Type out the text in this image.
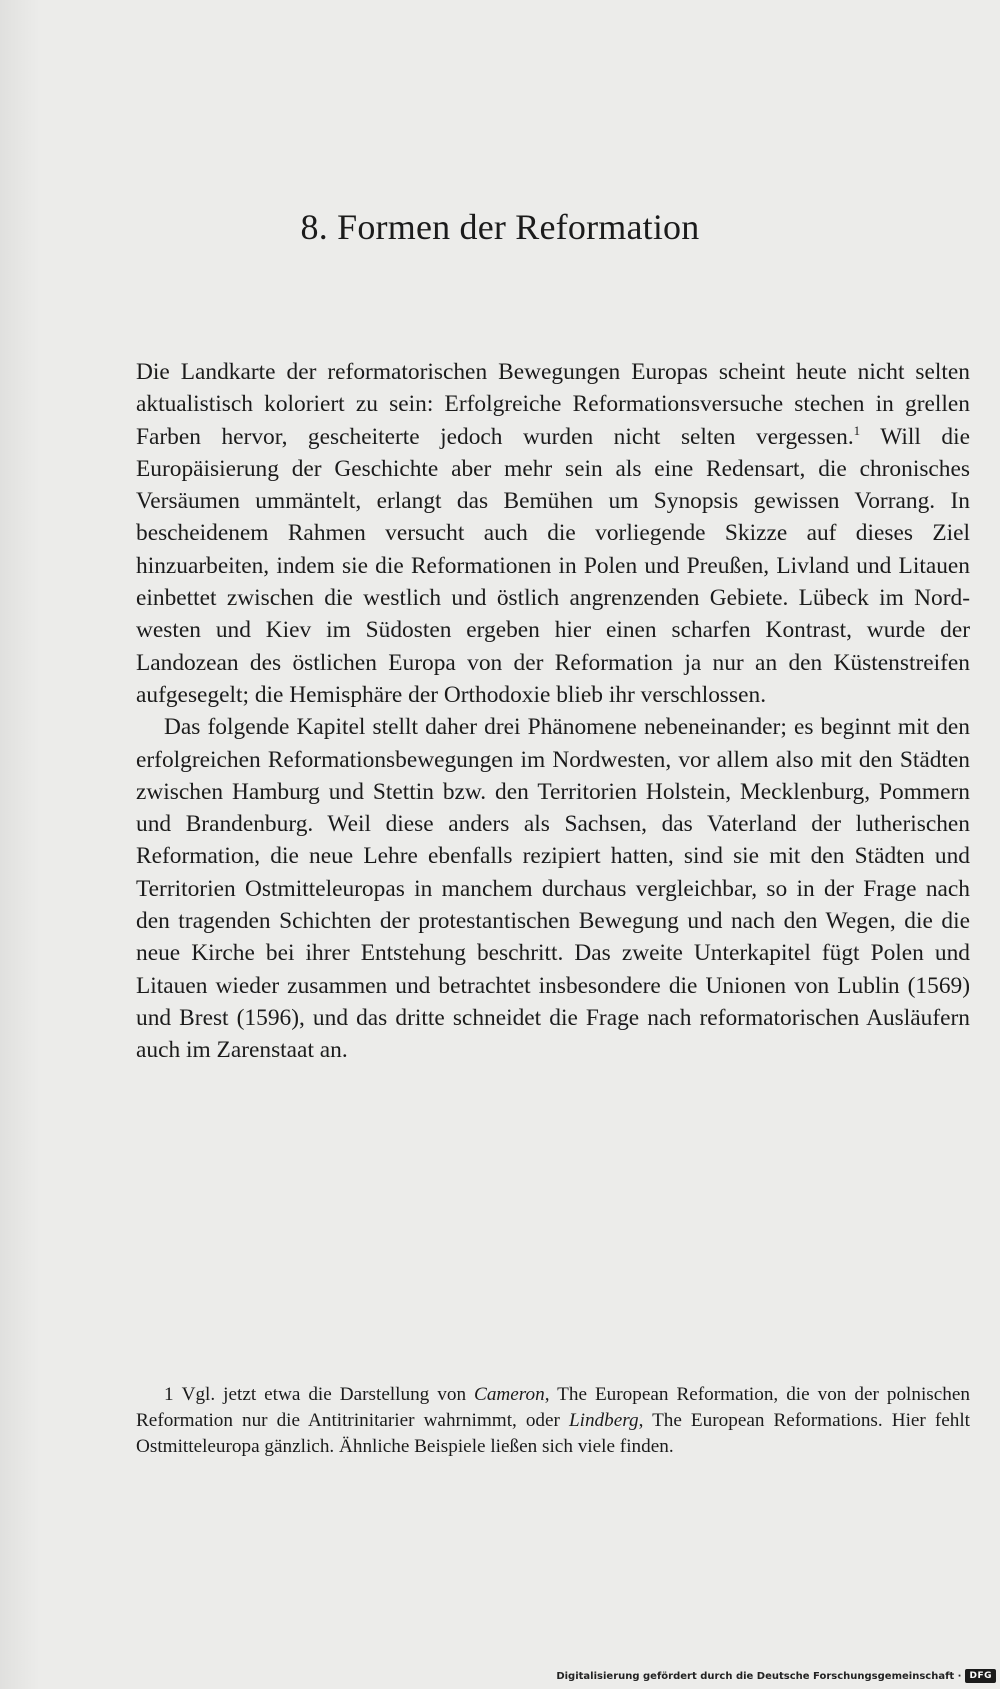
8. Formen der Reformation

Die Landkarte der reformatorischen Bewegungen Europas scheint heute nicht selten aktualistisch koloriert zu sein: Erfolgreiche Reformationsversuche stechen in grellen Farben hervor, gescheiterte jedoch wurden nicht selten vergessen.$^1$ Will die Europäisierung der Geschichte aber mehr sein als eine Redensart, die chronisches Versäumen ummäntelt, erlangt das Bemühen um Synopsis gewissen Vorrang. In bescheidenem Rahmen versucht auch die vorliegende Skizze auf dieses Ziel hinzuarbeiten, indem sie die Reformationen in Polen und Preußen, Livland und Litauen einbettet zwischen die westlich und östlich angrenzenden Gebiete. Lübeck im Nordwesten und Kiev im Südosten ergeben hier einen scharfen Kontrast, wurde der Landozean des östlichen Europa von der Reformation ja nur an den Küstenstreifen aufgesegelt; die Hemisphäre der Orthodoxie blieb ihr verschlossen.

Das folgende Kapitel stellt daher drei Phänomene nebeneinander; es beginnt mit den erfolgreichen Reformationsbewegungen im Nordwesten, vor allem also mit den Städten zwischen Hamburg und Stettin bzw. den Territorien Holstein, Mecklenburg, Pommern und Brandenburg. Weil diese anders als Sachsen, das Vaterland der lutherischen Reformation, die neue Lehre ebenfalls rezipiert hatten, sind sie mit den Städten und Territorien Ostmitteleuropas in manchem durchaus vergleichbar, so in der Frage nach den tragenden Schichten der protestantischen Bewegung und nach den Wegen, die die neue Kirche bei ihrer Entstehung beschritt. Das zweite Unterkapitel fügt Polen und Litauen wieder zusammen und betrachtet insbesondere die Unionen von Lublin (1569) und Brest (1596), und das dritte schneidet die Frage nach reformatorischen Ausläufern auch im Zarenstaat an.

1 Vgl. jetzt etwa die Darstellung von Cameron, The European Reformation, die von der polnischen Reformation nur die Antitrinitarier wahrnimmt, oder Lindberg, The European Reformations. Hier fehlt Ostmitteleuropa gänzlich. Ähnliche Beispiele ließen sich viele finden.
Digitalisierung gefördert durch die Deutsche Forschungsgemeinschaft · DFG
